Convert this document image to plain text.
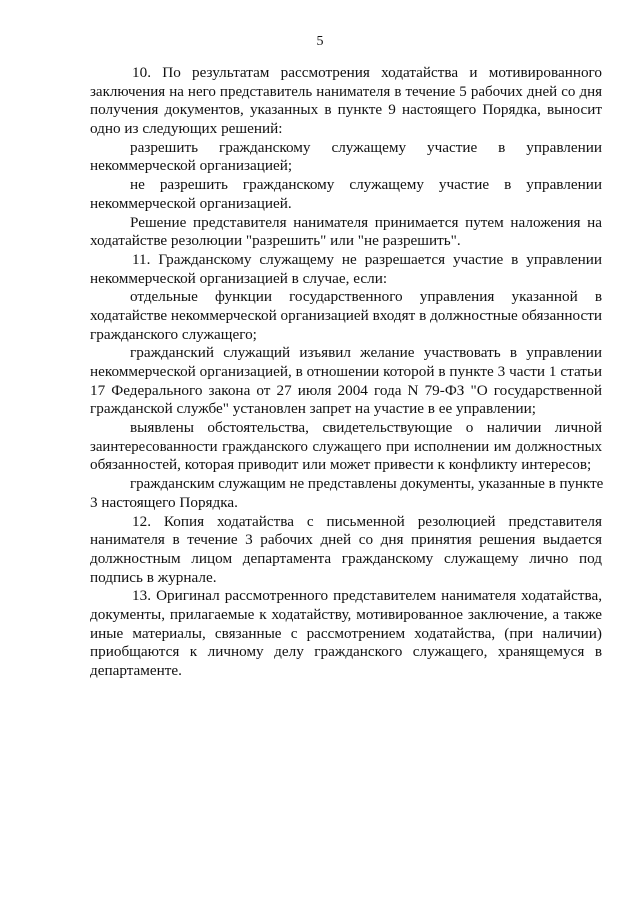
5
10. По результатам рассмотрения ходатайства и мотивированного
заключения на него представитель нанимателя в течение 5 рабочих дней со дня
получения документов, указанных в пункте 9 настоящего Порядка, выносит
одно из следующих решений:
разрешить гражданскому служащему участие в управлении
некоммерческой организацией;
не разрешить гражданскому служащему участие в управлении
некоммерческой организацией.
Решение представителя нанимателя принимается путем наложения на
ходатайстве резолюции "разрешить" или "не разрешить".
11. Гражданскому служащему не разрешается участие в управлении
некоммерческой организацией в случае, если:
отдельные функции государственного управления указанной в
ходатайстве некоммерческой организацией входят в должностные обязанности
гражданского служащего;
гражданский служащий изъявил желание участвовать в управлении
некоммерческой организацией, в отношении которой в пункте 3 части 1 статьи
17 Федерального закона от 27 июля 2004 года N 79-ФЗ "О государственной
гражданской службе" установлен запрет на участие в ее управлении;
выявлены обстоятельства, свидетельствующие о наличии личной
заинтересованности гражданского служащего при исполнении им должностных
обязанностей, которая приводит или может привести к конфликту интересов;
гражданским служащим не представлены документы, указанные в пункте
3 настоящего Порядка.
12. Копия ходатайства с письменной резолюцией представителя
нанимателя в течение 3 рабочих дней со дня принятия решения выдается
должностным лицом департамента гражданскому служащему лично под
подпись в журнале.
13. Оригинал рассмотренного представителем нанимателя ходатайства,
документы, прилагаемые к ходатайству, мотивированное заключение, а также
иные материалы, связанные с рассмотрением ходатайства, (при наличии)
приобщаются к личному делу гражданского служащего, хранящемуся в
департаменте.
